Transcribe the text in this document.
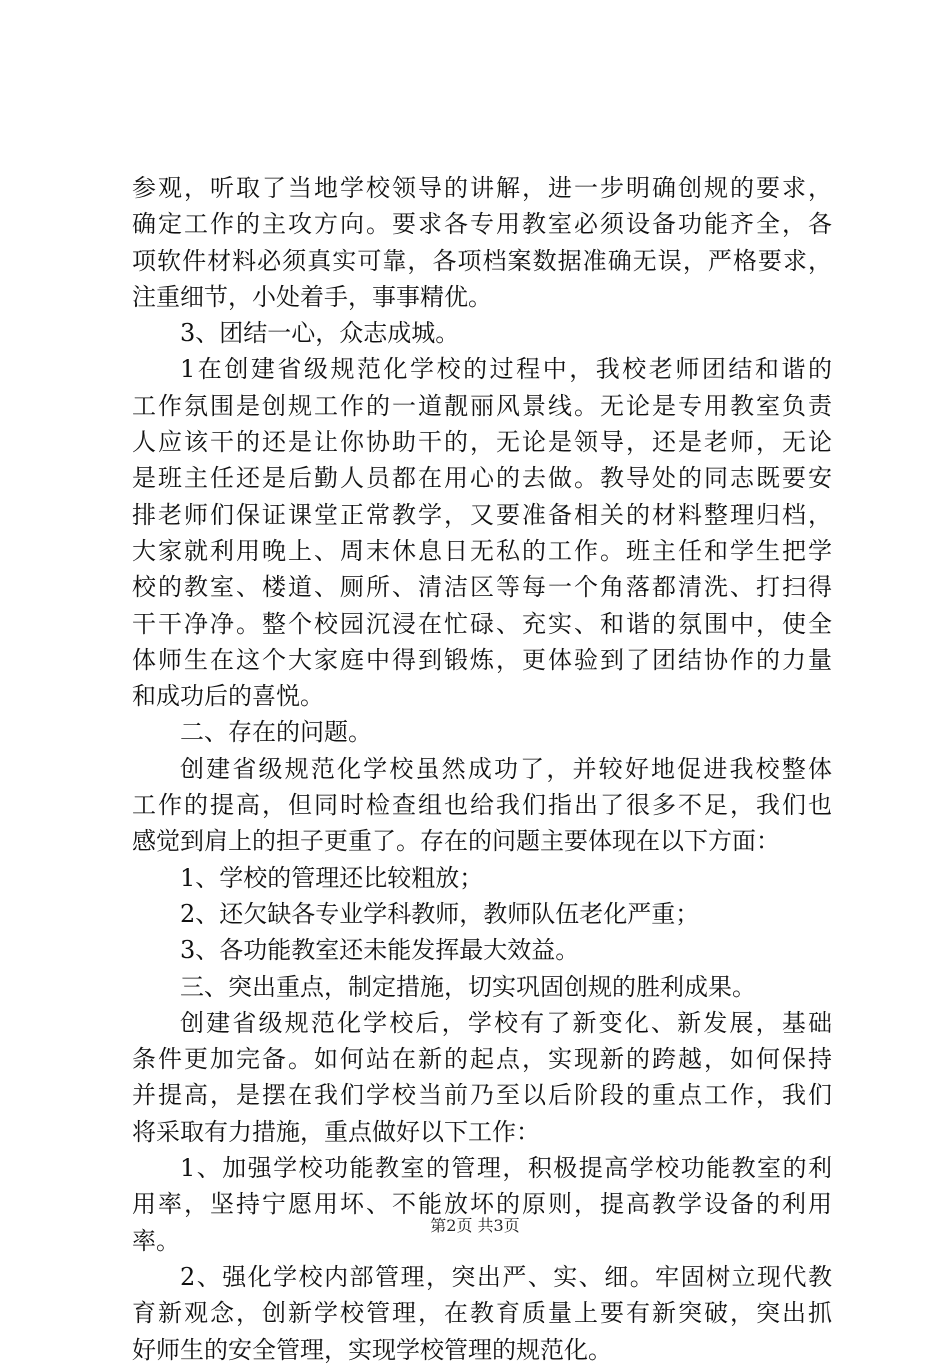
参观，听取了当地学校领导的讲解，进一步明确创规的要求，
确定工作的主攻方向。要求各专用教室必须设备功能齐全，各
项软件材料必须真实可靠，各项档案数据准确无误，严格要求，
注重细节，小处着手，事事精优。
3、团结一心，众志成城。
1在创建省级规范化学校的过程中，我校老师团结和谐的
工作氛围是创规工作的一道靓丽风景线。无论是专用教室负责
人应该干的还是让你协助干的，无论是领导，还是老师，无论
是班主任还是后勤人员都在用心的去做。教导处的同志既要安
排老师们保证课堂正常教学，又要准备相关的材料整理归档，
大家就利用晚上、周末休息日无私的工作。班主任和学生把学
校的教室、楼道、厕所、清洁区等每一个角落都清洗、打扫得
干干净净。整个校园沉浸在忙碌、充实、和谐的氛围中，使全
体师生在这个大家庭中得到锻炼，更体验到了团结协作的力量
和成功后的喜悦。
二、存在的问题。
创建省级规范化学校虽然成功了，并较好地促进我校整体
工作的提高，但同时检查组也给我们指出了很多不足，我们也
感觉到肩上的担子更重了。存在的问题主要体现在以下方面：
1、学校的管理还比较粗放；
2、还欠缺各专业学科教师，教师队伍老化严重；
3、各功能教室还未能发挥最大效益。
三、突出重点，制定措施，切实巩固创规的胜利成果。
创建省级规范化学校后，学校有了新变化、新发展，基础
条件更加完备。如何站在新的起点，实现新的跨越，如何保持
并提高，是摆在我们学校当前乃至以后阶段的重点工作，我们
将采取有力措施，重点做好以下工作：
1、加强学校功能教室的管理，积极提高学校功能教室的利
用率，坚持宁愿用坏、不能放坏的原则，提高教学设备的利用
率。
2、强化学校内部管理，突出严、实、细。牢固树立现代教
育新观念，创新学校管理，在教育质量上要有新突破，突出抓
好师生的安全管理，实现学校管理的规范化。
第2页 共3页
